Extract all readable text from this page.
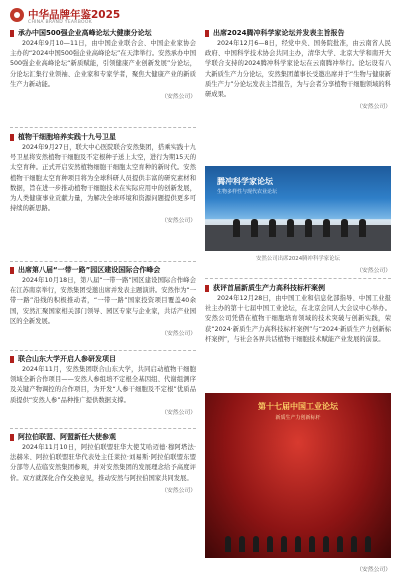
中华品牌年鉴2025
CHINA BRAND YEARBOOK
承办中国500强企业高峰论坛大健康分论坛
2024年9月10—11日，由中国企业联合会、中国企业家协会主办的“2024中国500强企业高峰论坛”在天津举行。安然承办中国500强企业高峰论坛“新质赋能，引领健康产业创新发展”分论坛，分论坛汇集行业领袖、企业家和专家学者，聚焦大健康产业的新质生产力新动能。
（安然公司）
植物干细胞培养实践十九号卫星
2024年9月27日，联大中心医院联合安然集团，搭乘实践十九号卫星将安然植物干细胞及不定根种子送上太空，进行为期15天的太空育种。正式开启安然植物细胞干细胞太空育种的新时代。安然植物干细胞太空育种项目将为全球科研人员提供丰富的研究素材和数据，旨在进一步推动植物干细胞技术在实际应用中的创新发展，为人类健康事业贡献力量，为解决全球环境和资源问题提供更多可持续的新思路。
（安然公司）
出席第八届“一带一路”园区建设国际合作峰会
2024年10月18日，第八届“一带一路”园区建设国际合作峰会在江苏南京举行，安然集团受邀出席并发表主题演讲。安然作为“一带一路”沿线的积极推动者，“一带一路”国家投资项目覆盖40余国，安然汇聚国家相关部门领导、园区专家与企业家，共话产业园区的全新发展。
（安然公司）
联合山东大学开启人参研发项目
2024年11月，安然集团联合山东大学，共同启动植物干细胞领域全新合作项目——安然人参组培不定根全基因组、代谢组测序及关键产物调控的合作项目，为开发“人参干细胞及不定根”优质品质提供“安然人参”品种推广提供数据支撑。
（安然公司）
阿拉伯联盟、阿盟新任大使参观
2024年11月10日，阿拉伯联盟驻华大使艾哈迈德·穆阿塔法·法赫米、阿拉伯联盟驻华代表处主任莱拉·刘易斯·阿拉伯联盟东盟分部等人莅临安然集团参观，并对安然集团的发展理念给予高度评价。双方就深化合作交换意见，推动安然与阿拉伯国家共同发展。
（安然公司）
出席2024腾冲科学家论坛并发表主旨报告
2024年12月6—8日，经党中央、国务院批准，由云南省人民政府、中国科学技术协会共同主办，清华大学、北京大学和南开大学联合支持的2024腾冲科学家论坛在云南腾冲举行。论坛设有八大新质生产力分论坛，安然集团董事长受邀出席并于“生物与健康新质生产力”分论坛发表主旨报告，为与会者分享植物干细胞领域的科研成果。
（安然公司）
腾冲科学家论坛
生物多样性与现代农业论坛
安然公司出席2024腾冲科学家论坛
（安然公司）
获评首届新质生产力高科技标杆案例
2024年12月28日，由中国工业和信息化部指导、中国工业报社主办的第十七届中国工业论坛，在北京会同人大会议中心举办。安然公司凭借在植物干细胞培育领域的技术突破与创新实践，荣获“2024·新质生产力高科技标杆案例”与“2024·新质生产力创新标杆案例”，与社会各界共话植物干细胞技术赋能产业发展的前景。
第十七届中国工业论坛
新质生产力创新标杆
（安然公司）
